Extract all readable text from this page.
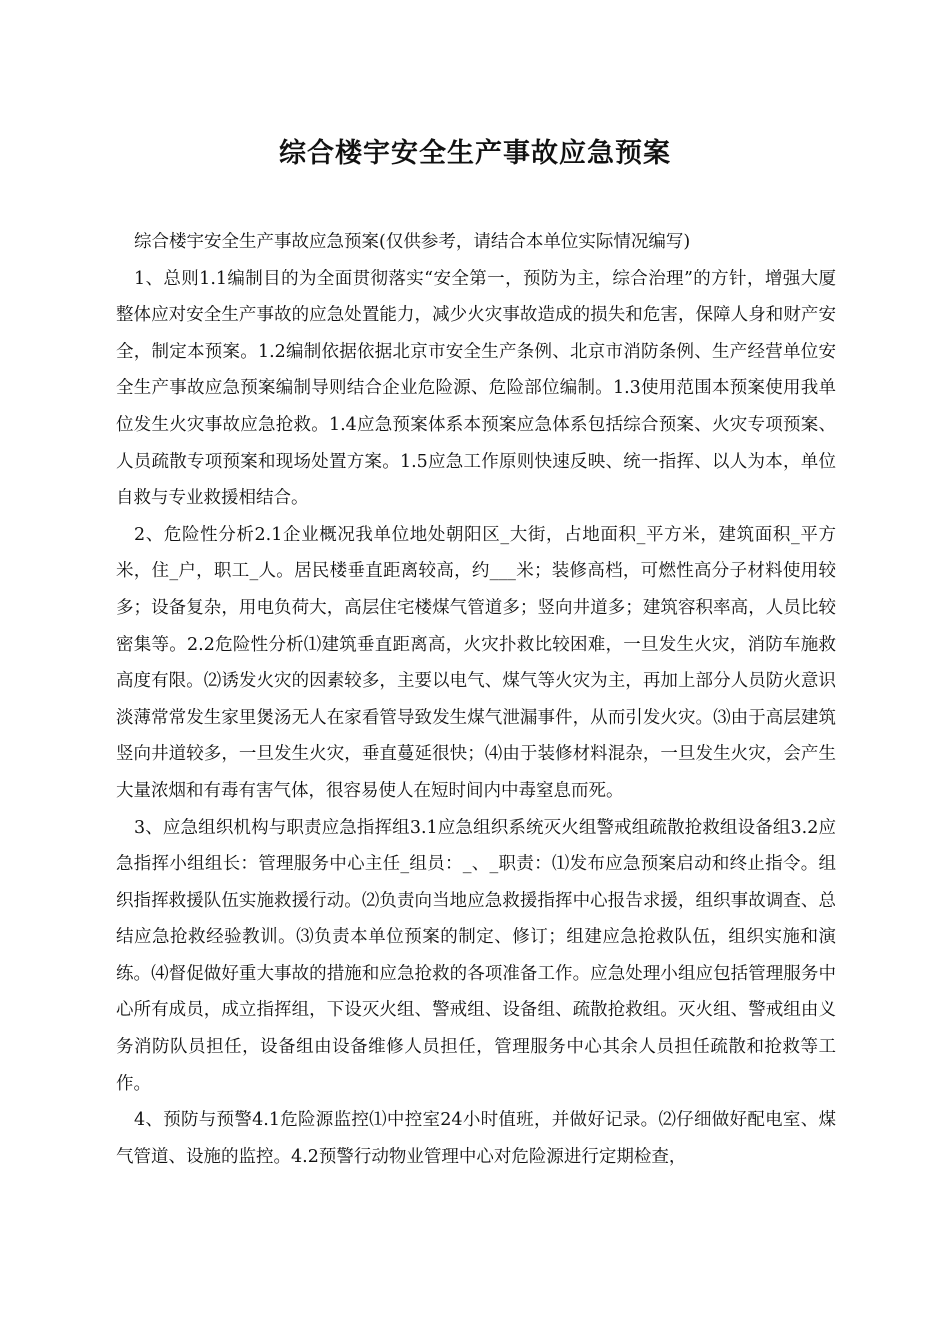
综合楼宇安全生产事故应急预案

综合楼宇安全生产事故应急预案(仅供参考，请结合本单位实际情况编写)

1、总则1.1编制目的为全面贯彻落实“安全第一，预防为主，综合治理”的方针，增强大厦整体应对安全生产事故的应急处置能力，减少火灾事故造成的损失和危害，保障人身和财产安全，制定本预案。1.2编制依据依据北京市安全生产条例、北京市消防条例、生产经营单位安全生产事故应急预案编制导则结合企业危险源、危险部位编制。1.3使用范围本预案使用我单位发生火灾事故应急抢救。1.4应急预案体系本预案应急体系包括综合预案、火灾专项预案、人员疏散专项预案和现场处置方案。1.5应急工作原则快速反映、统一指挥、以人为本，单位自救与专业救援相结合。

2、危险性分析2.1企业概况我单位地处朝阳区_大街，占地面积_平方米，建筑面积_平方米，住_户，职工_人。居民楼垂直距离较高，约___米；装修高档，可燃性高分子材料使用较多；设备复杂，用电负荷大，高层住宅楼煤气管道多；竖向井道多；建筑容积率高，人员比较密集等。2.2危险性分析⑴建筑垂直距离高，火灾扑救比较困难，一旦发生火灾，消防车施救高度有限。⑵诱发火灾的因素较多，主要以电气、煤气等火灾为主，再加上部分人员防火意识淡薄常常发生家里煲汤无人在家看管导致发生煤气泄漏事件，从而引发火灾。⑶由于高层建筑竖向井道较多，一旦发生火灾，垂直蔓延很快；⑷由于装修材料混杂，一旦发生火灾，会产生大量浓烟和有毒有害气体，很容易使人在短时间内中毒窒息而死。

3、应急组织机构与职责应急指挥组3.1应急组织系统灭火组警戒组疏散抢救组设备组3.2应急指挥小组组长：管理服务中心主任_组员：_、_职责：⑴发布应急预案启动和终止指令。组织指挥救援队伍实施救援行动。⑵负责向当地应急救援指挥中心报告求援，组织事故调查、总结应急抢救经验教训。⑶负责本单位预案的制定、修订；组建应急抢救队伍，组织实施和演练。⑷督促做好重大事故的措施和应急抢救的各项准备工作。应急处理小组应包括管理服务中心所有成员，成立指挥组，下设灭火组、警戒组、设备组、疏散抢救组。灭火组、警戒组由义务消防队员担任，设备组由设备维修人员担任，管理服务中心其余人员担任疏散和抢救等工作。

4、预防与预警4.1危险源监控⑴中控室24小时值班，并做好记录。⑵仔细做好配电室、煤气管道、设施的监控。4.2预警行动物业管理中心对危险源进行定期检查，
